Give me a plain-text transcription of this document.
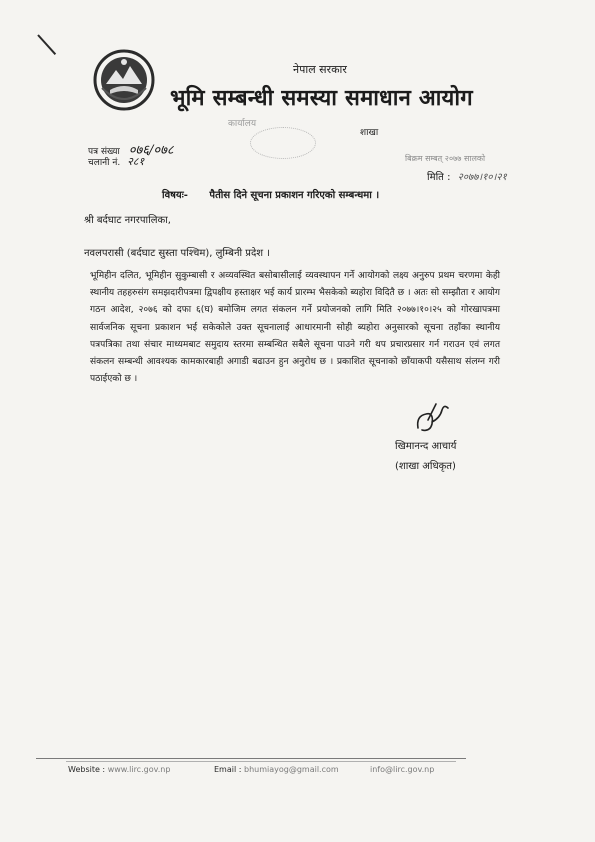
नेपाल सरकार
भूमि सम्बन्धी समस्या समाधान आयोग
कार्यालय
शाखा
पत्र संख्या ०७६/०७८
चलानी नं. २८१	बिक्रम सम्बत् २०७७ सालको
मिति : २०७७।१०।२१
विषयः- पैतीस दिने सूचना प्रकाशन गरिएको सम्बन्धमा ।
श्री बर्दघाट नगरपालिका,
नवलपरासी (बर्दघाट सुस्ता पश्चिम), लुम्बिनी प्रदेश ।
भूमिहीन दलित, भूमिहीन सुकुम्बासी र अव्यवस्थित बसोबासीलाई व्यवस्थापन गर्ने आयोगको लक्ष्य अनुरुप प्रथम चरणमा केही स्थानीय तहहरुसंग समझदारीपत्रमा द्विपक्षीय हस्ताक्षर भई कार्य प्रारम्भ भैसकेको ब्यहोरा विदितै छ । अतः सो सम्झौता र आयोग गठन आदेश, २०७६ को दफा ६(घ) बमोजिम लगत संकलन गर्ने प्रयोजनको लागि मिति २०७७।१०।२५ को गोरखापत्रमा सार्वजनिक सूचना प्रकाशन भई सकेकोले उक्त सूचनालाई आधारमानी सोही ब्यहोरा अनुसारको सूचना तहाँका स्थानीय पत्रपत्रिका तथा संचार माध्यमबाट समुदाय स्तरमा सम्बन्धित सबैले सूचना पाउने गरी थप प्रचारप्रसार गर्न गराउन एवं लगत संकलन सम्बन्धी आवश्यक कामकारबाही अगाडी बढाउन हुन अनुरोध छ । प्रकाशित सूचनाको छाँयाकपी यसैसाथ संलग्न गरी पठाईएको छ ।
खिमानन्द आचार्य
(शाखा अधिकृत)
Website : www.lirc.gov.np	Email : bhumiayog@gmail.com	info@lirc.gov.np
